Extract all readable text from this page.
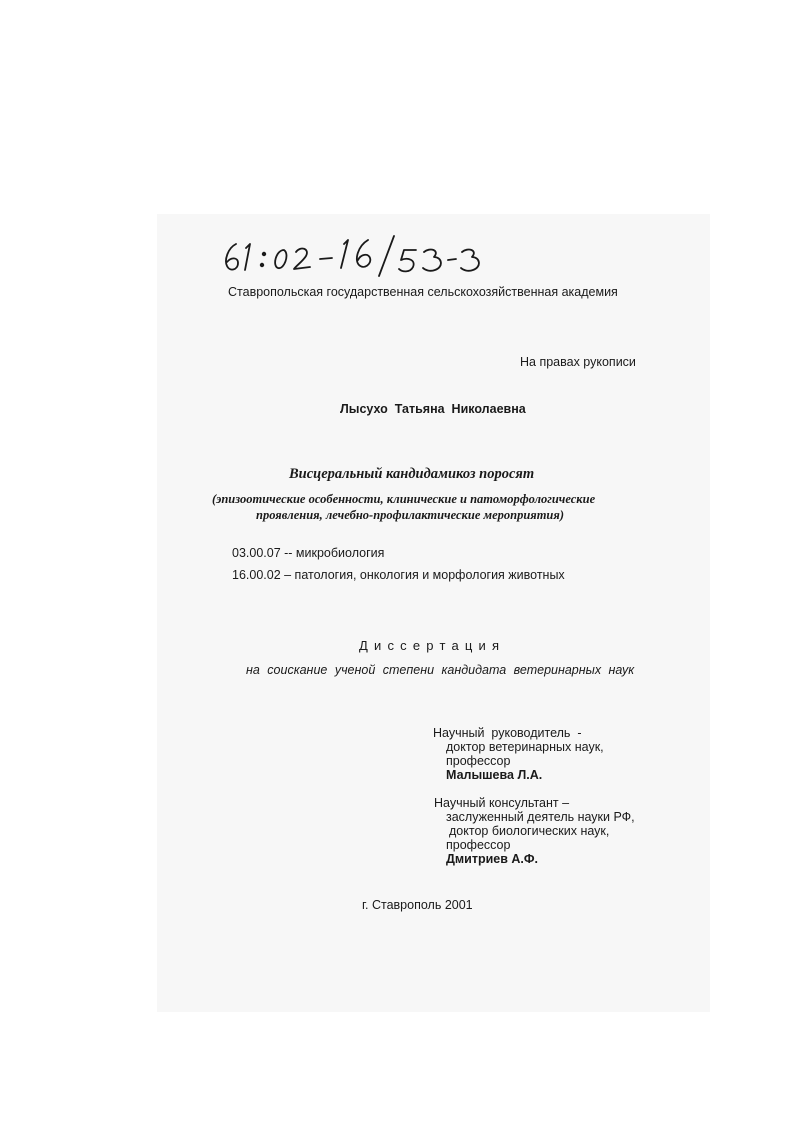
Ставропольская государственная сельскохозяйственная академия
На правах рукописи
Лысухо  Татьяна  Николаевна
Висцеральный кандидамикоз поросят
(эпизоотические особенности, клинические и патоморфологические
проявления, лечебно-профилактические мероприятия)
03.00.07 -- микробиология
16.00.02 – патология, онкология и морфология животных
Диссертация
на соискание ученой степени кандидата ветеринарных наук
Научный  руководитель  -
доктор ветеринарных наук,
профессор
Малышева Л.А.
Научный консультант –
заслуженный деятель науки РФ,
доктор биологических наук,
профессор
Дмитриев А.Ф.
г. Ставрополь 2001
